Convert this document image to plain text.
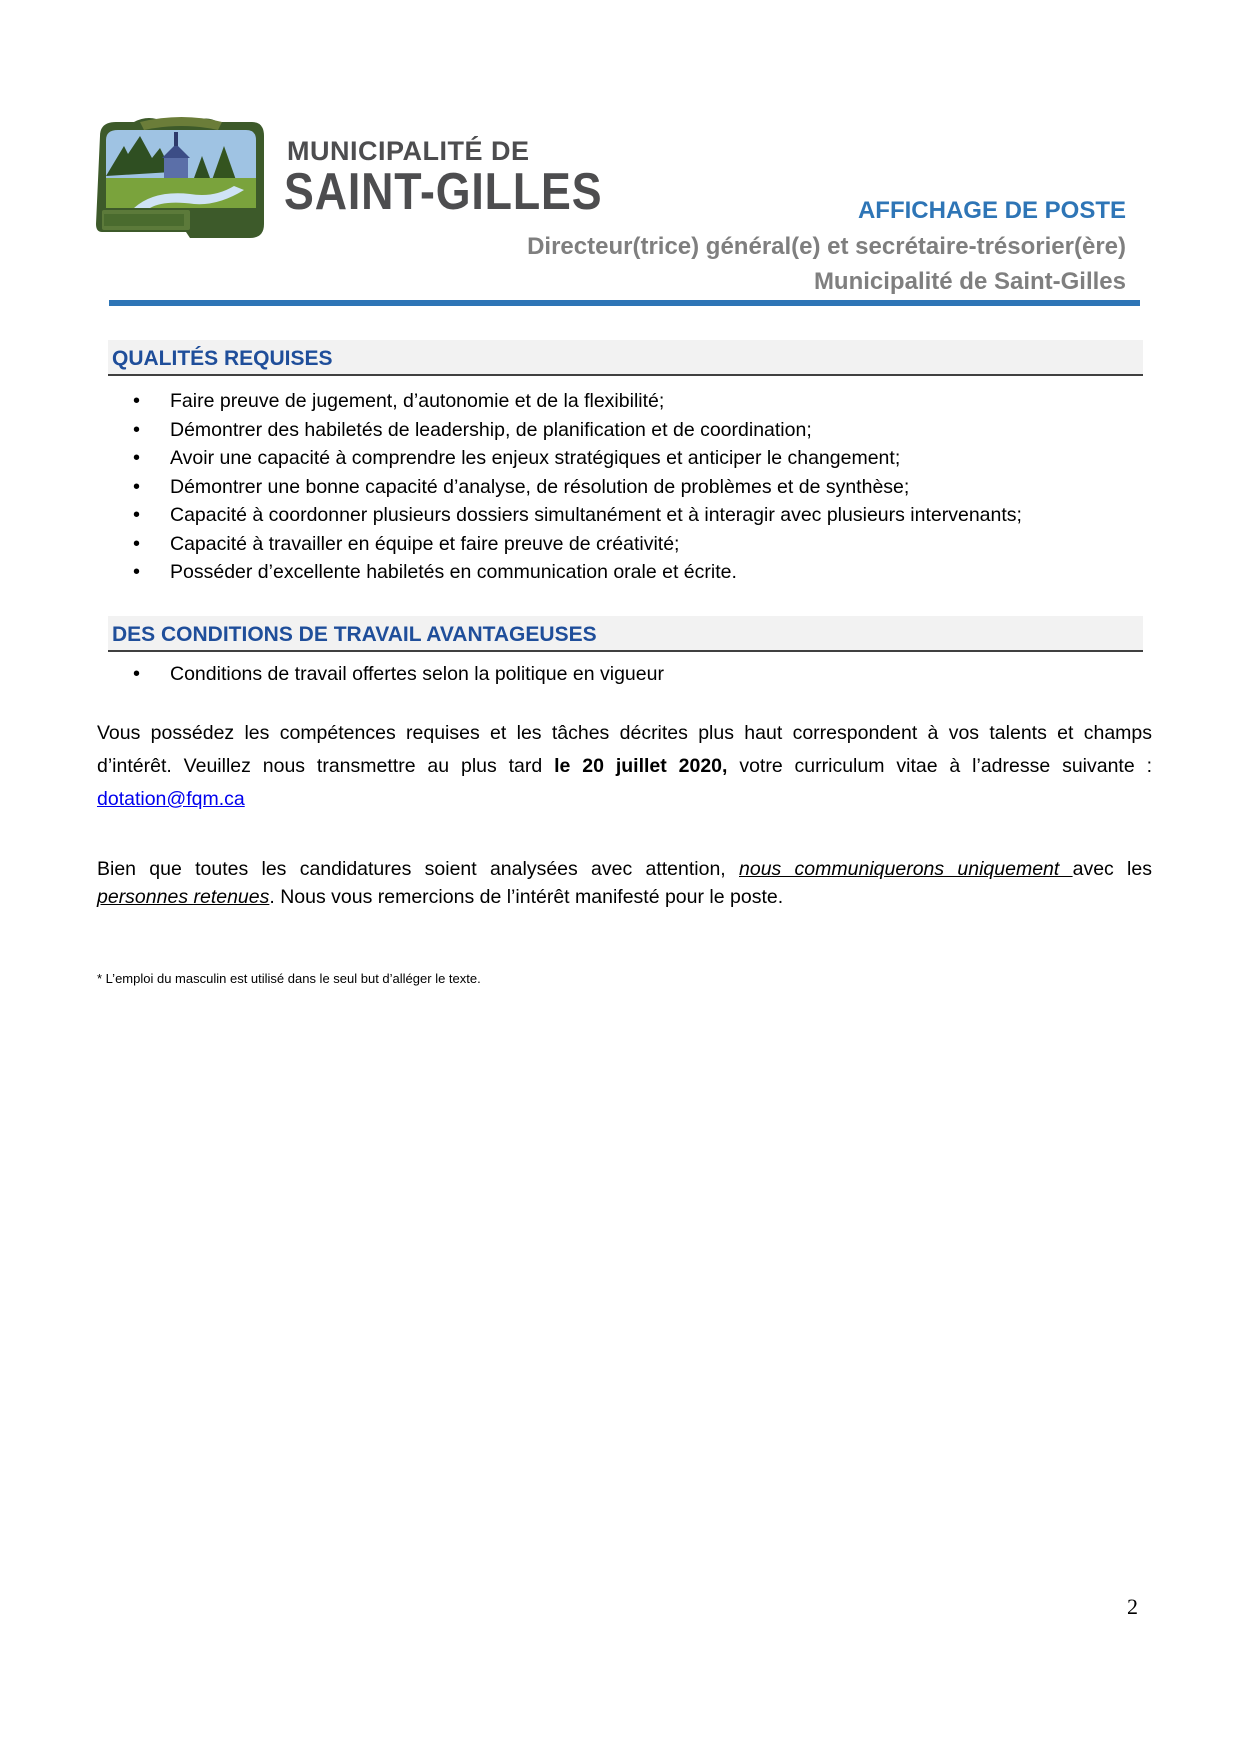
MUNICIPALITÉ DE
SAINT-GILLES	AFFICHAGE DE POSTE
Directeur(trice) général(e) et secrétaire-trésorier(ère)
Municipalité de Saint-Gilles
QUALITÉS REQUISES
• Faire preuve de jugement, d’autonomie et de la flexibilité;
• Démontrer des habiletés de leadership, de planification et de coordination;
• Avoir une capacité à comprendre les enjeux stratégiques et anticiper le changement;
• Démontrer une bonne capacité d’analyse, de résolution de problèmes et de synthèse;
• Capacité à coordonner plusieurs dossiers simultanément et à interagir avec plusieurs intervenants;
• Capacité à travailler en équipe et faire preuve de créativité;
• Posséder d’excellente habiletés en communication orale et écrite.
DES CONDITIONS DE TRAVAIL AVANTAGEUSES
• Conditions de travail offertes selon la politique en vigueur
Vous possédez les compétences requises et les tâches décrites plus haut correspondent à vos talents et champs
d’intérêt. Veuillez nous transmettre au plus tard le 20 juillet 2020, votre curriculum vitae à l’adresse suivante :
dotation@fqm.ca
Bien que toutes les candidatures soient analysées avec attention, nous communiquerons uniquement avec les
personnes retenues. Nous vous remercions de l’intérêt manifesté pour le poste.
* L’emploi du masculin est utilisé dans le seul but d’alléger le texte.
2
